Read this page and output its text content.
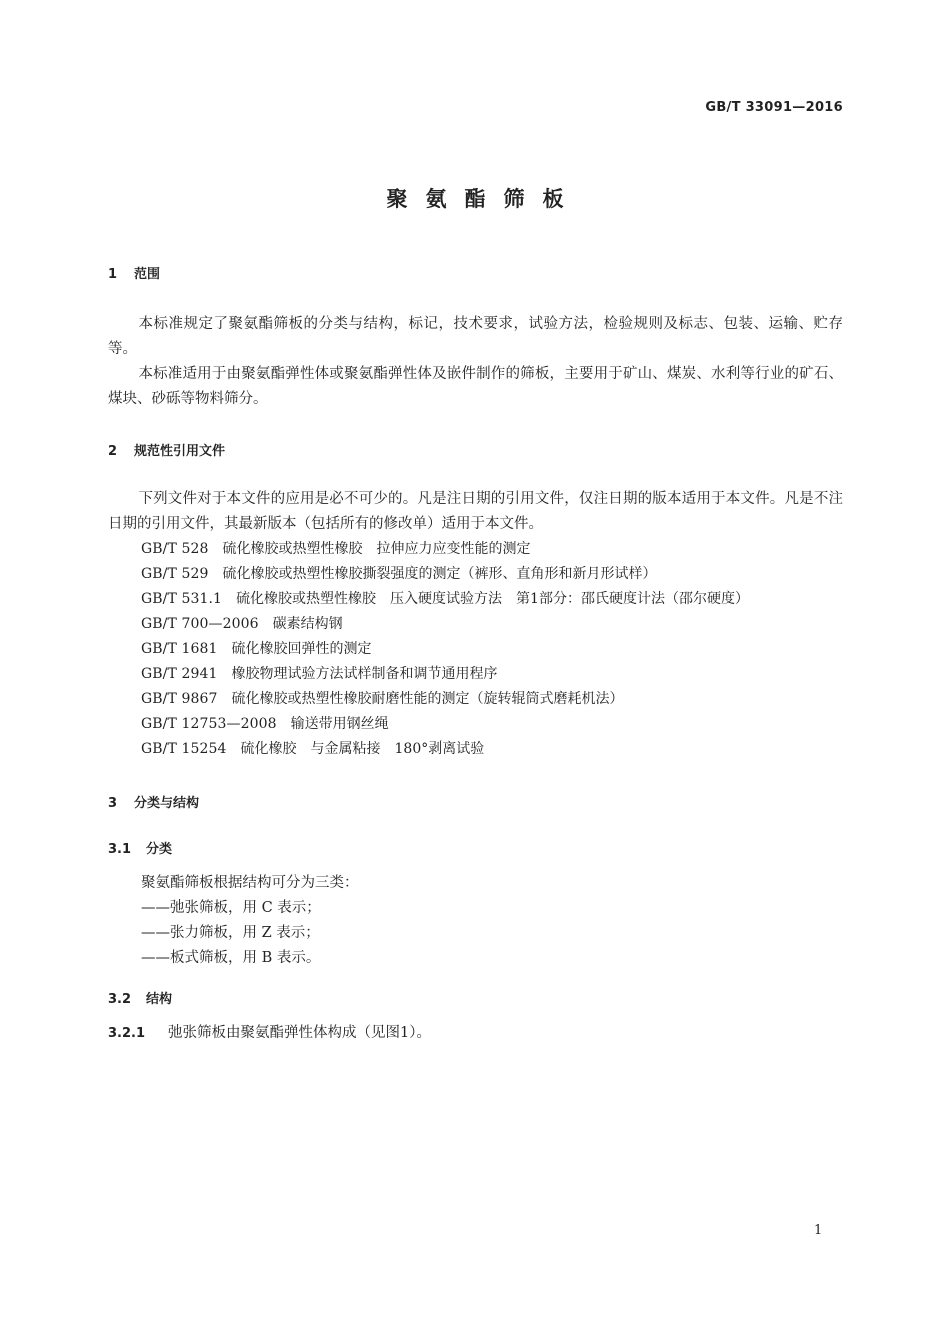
GB/T 33091—2016
聚氨酯筛板
1 范围

本标准规定了聚氨酯筛板的分类与结构，标记，技术要求，试验方法，检验规则及标志、包装、运输、贮存等。

本标准适用于由聚氨酯弹性体或聚氨酯弹性体及嵌件制作的筛板，主要用于矿山、煤炭、水利等行业的矿石、煤块、砂砾等物料筛分。

2 规范性引用文件

下列文件对于本文件的应用是必不可少的。凡是注日期的引用文件，仅注日期的版本适用于本文件。凡是不注日期的引用文件，其最新版本（包括所有的修改单）适用于本文件。

GB/T 528 硫化橡胶或热塑性橡胶　拉伸应力应变性能的测定
GB/T 529 硫化橡胶或热塑性橡胶撕裂强度的测定（裤形、直角形和新月形试样）
GB/T 531.1 硫化橡胶或热塑性橡胶　压入硬度试验方法　第1部分：邵氏硬度计法（邵尔硬度）
GB/T 700—2006 碳素结构钢
GB/T 1681 硫化橡胶回弹性的测定
GB/T 2941 橡胶物理试验方法试样制备和调节通用程序
GB/T 9867 硫化橡胶或热塑性橡胶耐磨性能的测定（旋转辊筒式磨耗机法）
GB/T 12753—2008 输送带用钢丝绳
GB/T 15254 硫化橡胶　与金属粘接　180°剥离试验
3 分类与结构
3.1 分类
聚氨酯筛板根据结构可分为三类：
——弛张筛板，用 C 表示；
——张力筛板，用 Z 表示；
——板式筛板，用 B 表示。
3.2 结构
3.2.1 弛张筛板由聚氨酯弹性体构成（见图1）。
1
